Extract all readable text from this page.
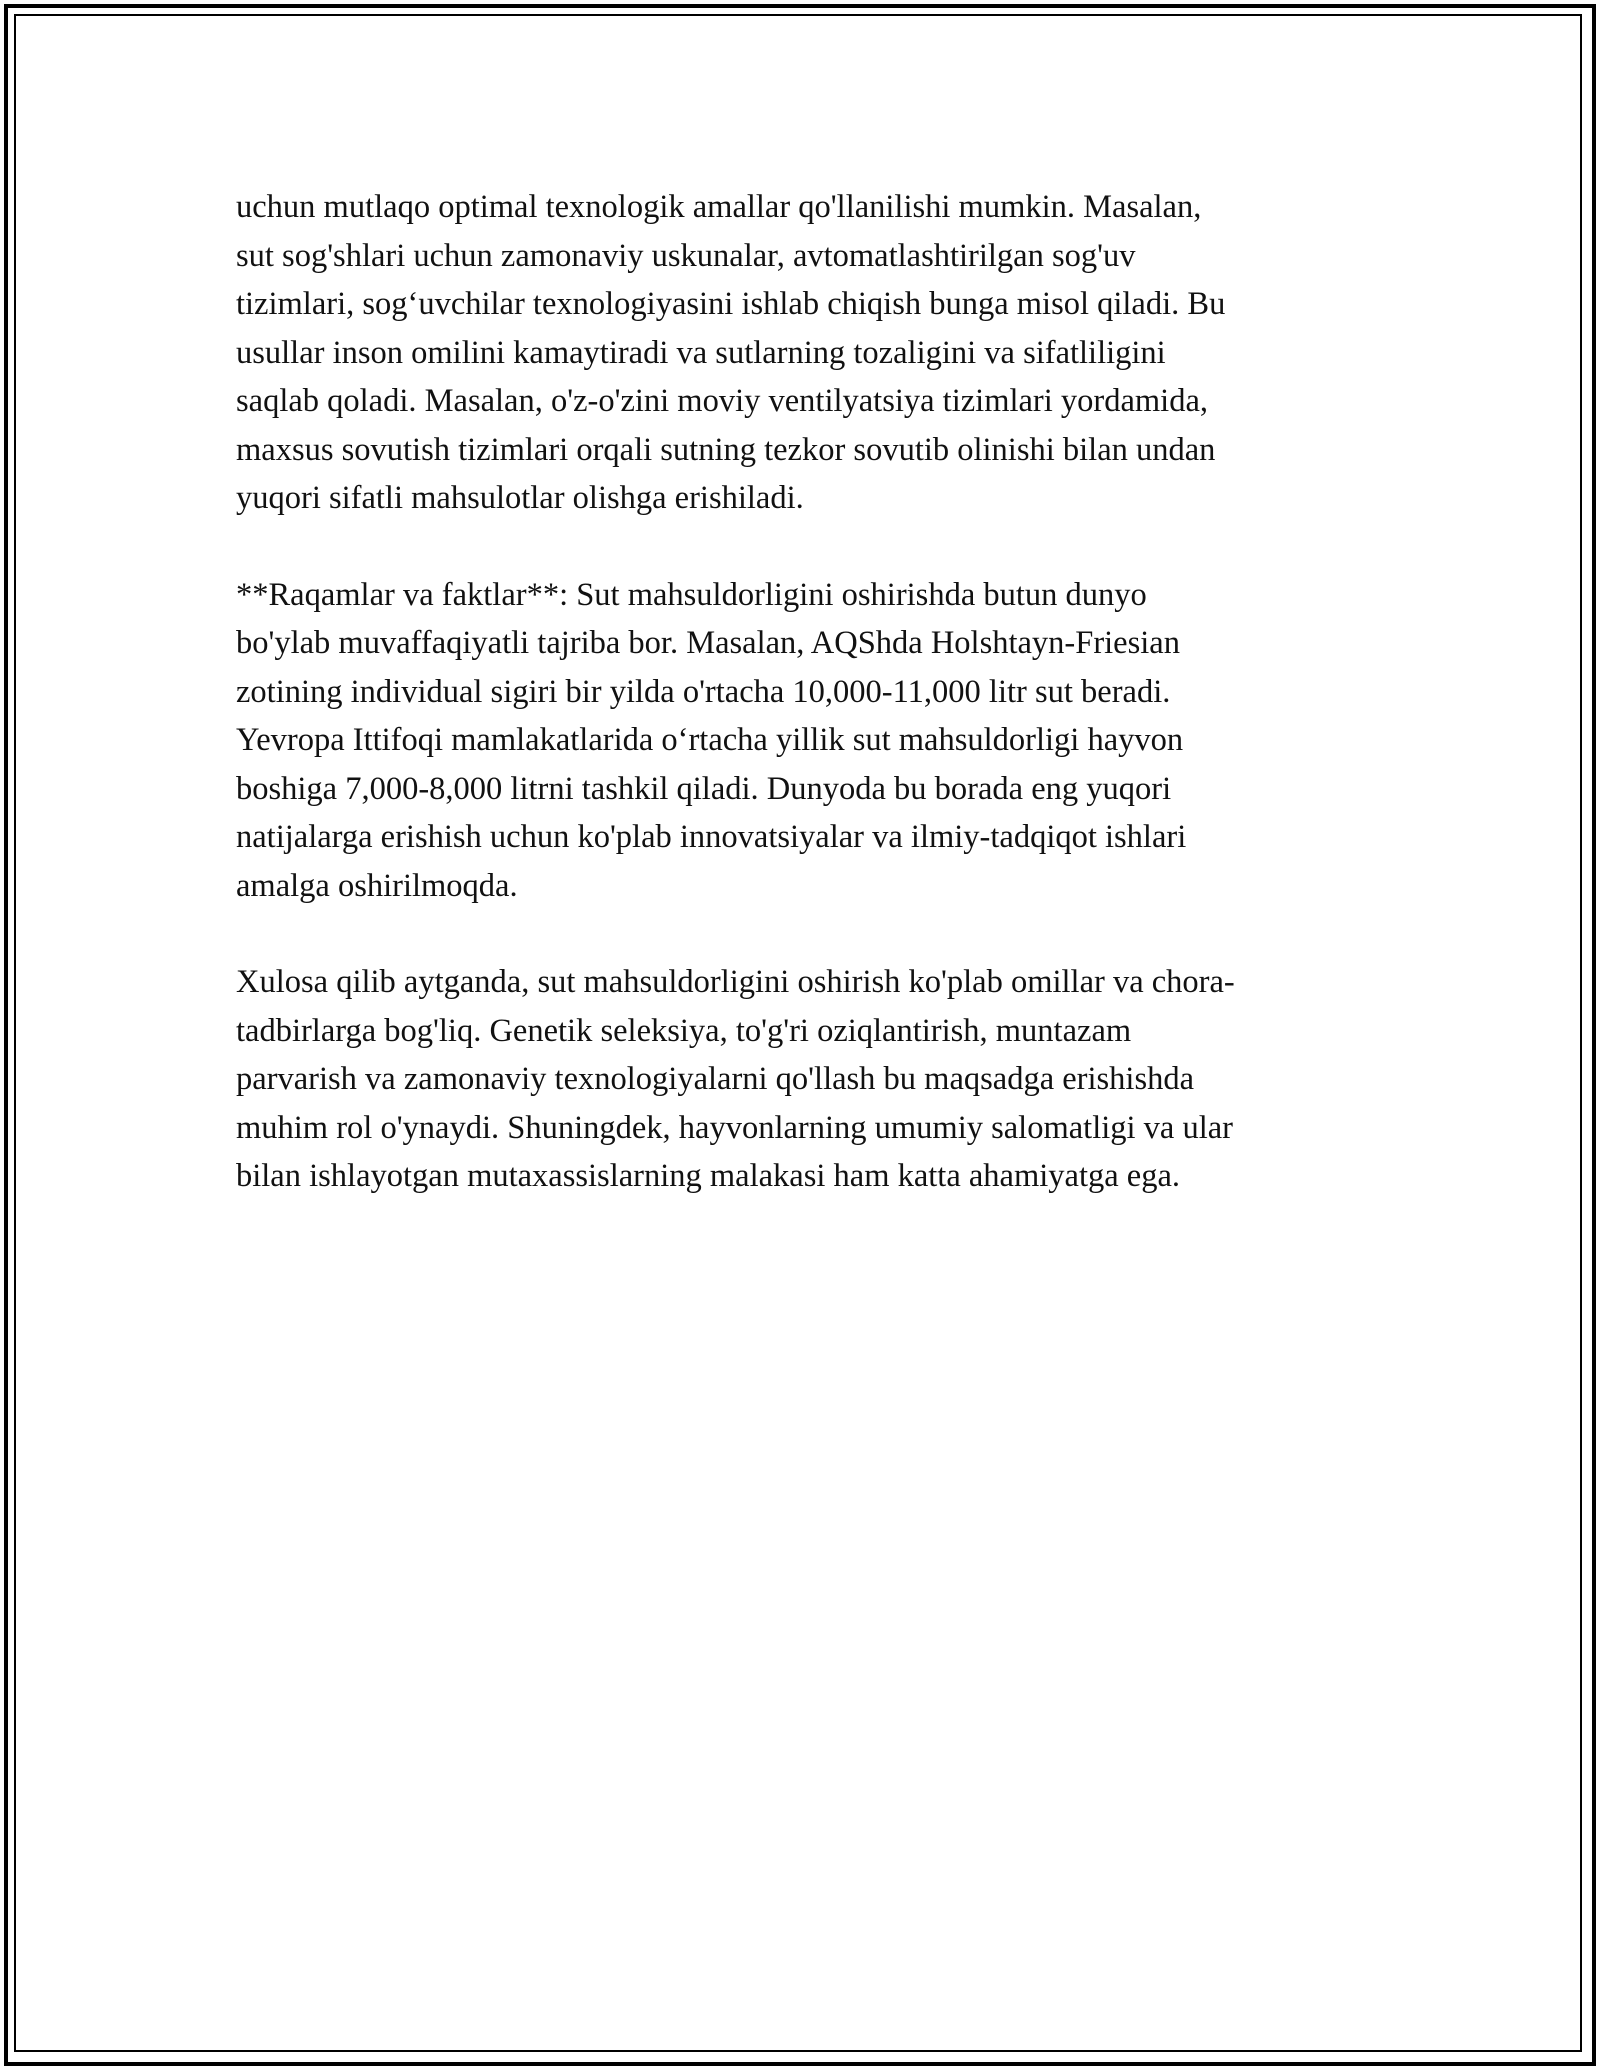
uchun mutlaqo optimal texnologik amallar qo'llanilishi mumkin. Masalan,
sut sog'shlari uchun zamonaviy uskunalar, avtomatlashtirilgan sog'uv
tizimlari, sog‘uvchilar texnologiyasini ishlab chiqish bunga misol qiladi. Bu
usullar inson omilini kamaytiradi va sutlarning tozaligini va sifatliligini
saqlab qoladi. Masalan, o'z-o'zini moviy ventilyatsiya tizimlari yordamida,
maxsus sovutish tizimlari orqali sutning tezkor sovutib olinishi bilan undan
yuqori sifatli mahsulotlar olishga erishiladi.

**Raqamlar va faktlar**: Sut mahsuldorligini oshirishda butun dunyo
bo'ylab muvaffaqiyatli tajriba bor. Masalan, AQShda Holshtayn-Friesian
zotining individual sigiri bir yilda o'rtacha 10,000-11,000 litr sut beradi.
Yevropa Ittifoqi mamlakatlarida o‘rtacha yillik sut mahsuldorligi hayvon
boshiga 7,000-8,000 litrni tashkil qiladi. Dunyoda bu borada eng yuqori
natijalarga erishish uchun ko'plab innovatsiyalar va ilmiy-tadqiqot ishlari
amalga oshirilmoqda.

Xulosa qilib aytganda, sut mahsuldorligini oshirish ko'plab omillar va chora-
tadbirlarga bog'liq. Genetik seleksiya, to'g'ri oziqlantirish, muntazam
parvarish va zamonaviy texnologiyalarni qo'llash bu maqsadga erishishda
muhim rol o'ynaydi. Shuningdek, hayvonlarning umumiy salomatligi va ular
bilan ishlayotgan mutaxassislarning malakasi ham katta ahamiyatga ega.
